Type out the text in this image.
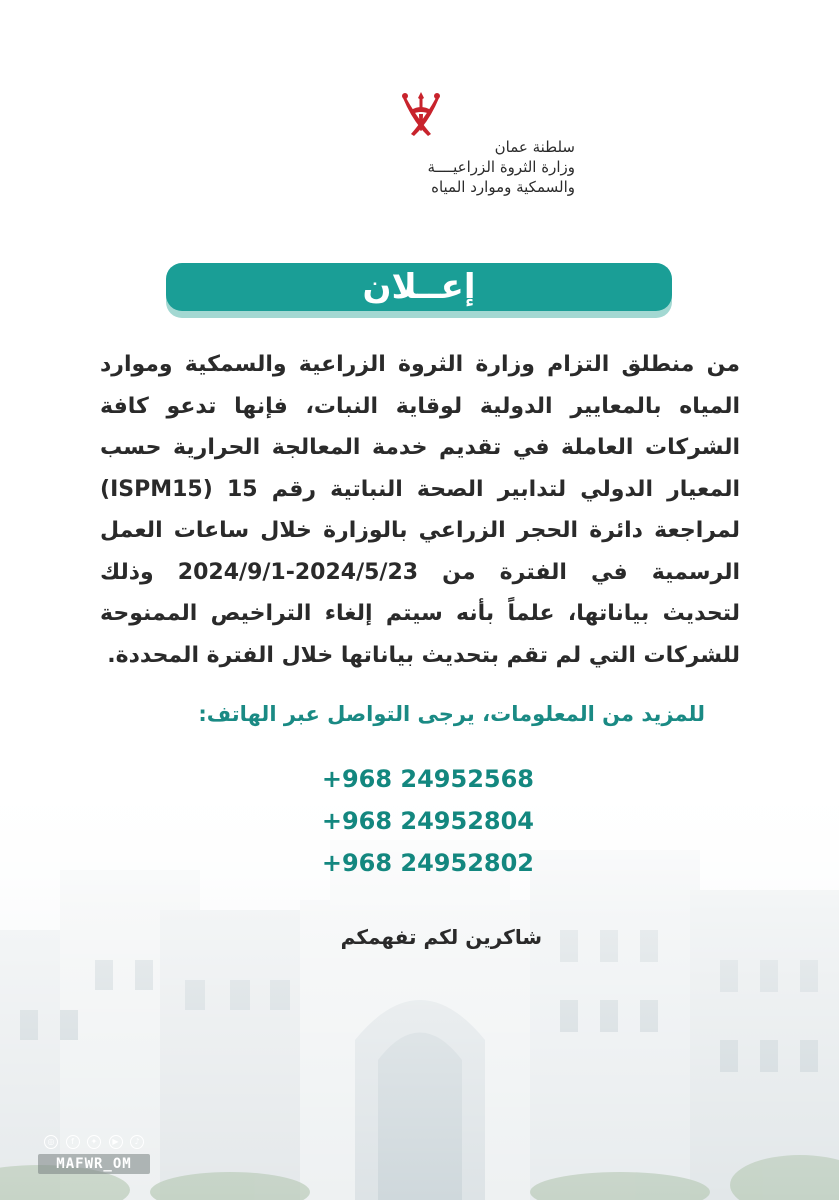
سلطنة عمان
وزارة الثروة الزراعيــــة
والسمكية وموارد المياه
إعــلان
من منطلق التزام وزارة الثروة الزراعية والسمكية وموارد المياه بالمعايير الدولية لوقاية النبات، فإنها تدعو كافة الشركات العاملة في تقديم خدمة المعالجة الحرارية حسب المعيار الدولي لتدابير الصحة النباتية رقم 15 (ISPM15) لمراجعة دائرة الحجر الزراعي بالوزارة خلال ساعات العمل الرسمية في الفترة من 2024/5/23-2024/9/1 وذلك لتحديث بياناتها، علماً بأنه سيتم إلغاء التراخيص الممنوحة للشركات التي لم تقم بتحديث بياناتها خلال الفترة المحددة.
للمزيد من المعلومات، يرجى التواصل عبر الهاتف:
+968 24952568
+968 24952804
+968 24952802
شاكرين لكم تفهمكم
◎	f	✦	▶	♪
MAFWR_OM
